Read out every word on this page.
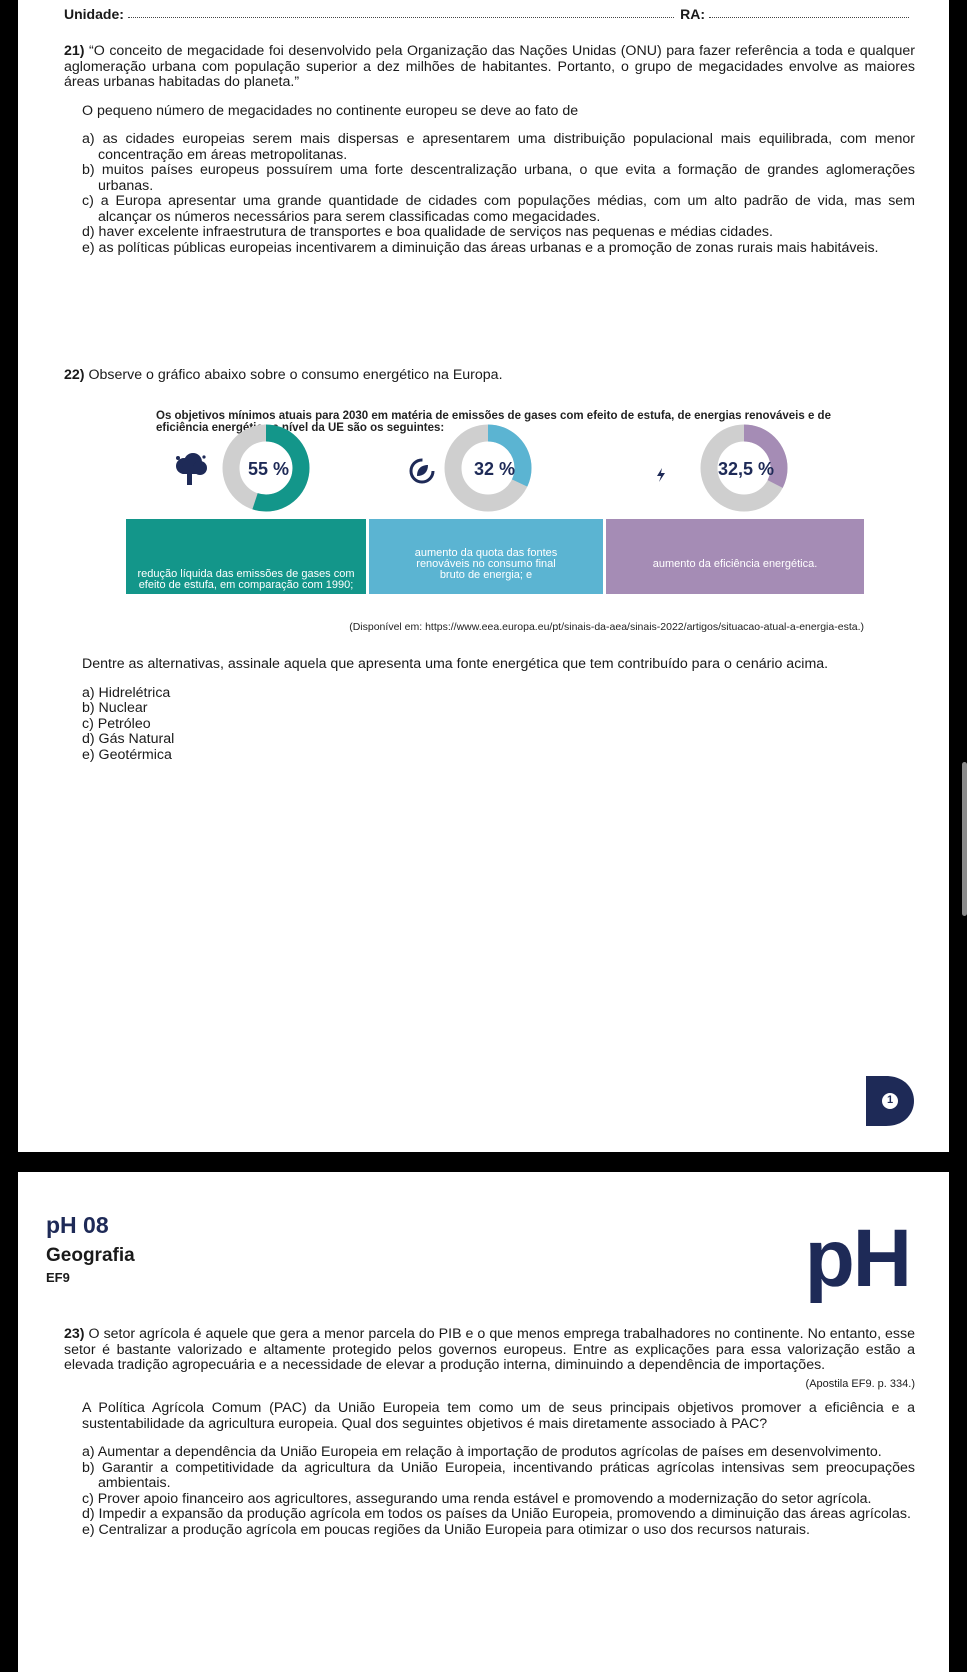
Unidade:	RA:

21) “O conceito de megacidade foi desenvolvido pela Organização das Nações Unidas (ONU) para fazer referência a toda e qualquer aglomeração urbana com população superior a dez milhões de habitantes. Portanto, o grupo de megacidades envolve as maiores áreas urbanas habitadas do planeta.”

O pequeno número de megacidades no continente europeu se deve ao fato de

a) as cidades europeias serem mais dispersas e apresentarem uma distribuição populacional mais equilibrada, com menor concentração em áreas metropolitanas.

b) muitos países europeus possuírem uma forte descentralização urbana, o que evita a formação de grandes aglomerações urbanas.

c) a Europa apresentar uma grande quantidade de cidades com populações médias, com um alto padrão de vida, mas sem alcançar os números necessários para serem classificadas como megacidades.

d) haver excelente infraestrutura de transportes e boa qualidade de serviços nas pequenas e médias cidades.

e) as políticas públicas europeias incentivarem a diminuição das áreas urbanas e a promoção de zonas rurais mais habitáveis.

22) Observe o gráfico abaixo sobre o consumo energético na Europa.

Os objetivos mínimos atuais para 2030 em matéria de emissões de gases com efeito de estufa, de energias renováveis e de eficiência energética a nível da UE são os seguintes:
redução líquida das emissões de gases com
efeito de estufa, em comparação com 1990;
aumento da quota das fontes
renováveis no consumo final
bruto de energia; e
aumento da eficiência energética.
55 %	32 %	32,5 %
(Disponível em: https://www.eea.europa.eu/pt/sinais-da-aea/sinais-2022/artigos/situacao-atual-a-energia-esta.)

Dentre as alternativas, assinale aquela que apresenta uma fonte energética que tem contribuído para o cenário acima.

a) Hidrelétrica

b) Nuclear

c) Petróleo

d) Gás Natural

e) Geotérmica

1
pH 08
Geografia
EF9	pH

23) O setor agrícola é aquele que gera a menor parcela do PIB e o que menos emprega trabalhadores no continente. No entanto, esse setor é bastante valorizado e altamente protegido pelos governos europeus. Entre as explicações para essa valorização estão a elevada tradição agropecuária e a necessidade de elevar a produção interna, diminuindo a dependência de importações.

(Apostila EF9. p. 334.)

A Política Agrícola Comum (PAC) da União Europeia tem como um de seus principais objetivos promover a eficiência e a sustentabilidade da agricultura europeia. Qual dos seguintes objetivos é mais diretamente associado à PAC?

a) Aumentar a dependência da União Europeia em relação à importação de produtos agrícolas de países em desenvolvimento.

b) Garantir a competitividade da agricultura da União Europeia, incentivando práticas agrícolas intensivas sem preocupações ambientais.

c) Prover apoio financeiro aos agricultores, assegurando uma renda estável e promovendo a modernização do setor agrícola.

d) Impedir a expansão da produção agrícola em todos os países da União Europeia, promovendo a diminuição das áreas agrícolas.

e) Centralizar a produção agrícola em poucas regiões da União Europeia para otimizar o uso dos recursos naturais.
